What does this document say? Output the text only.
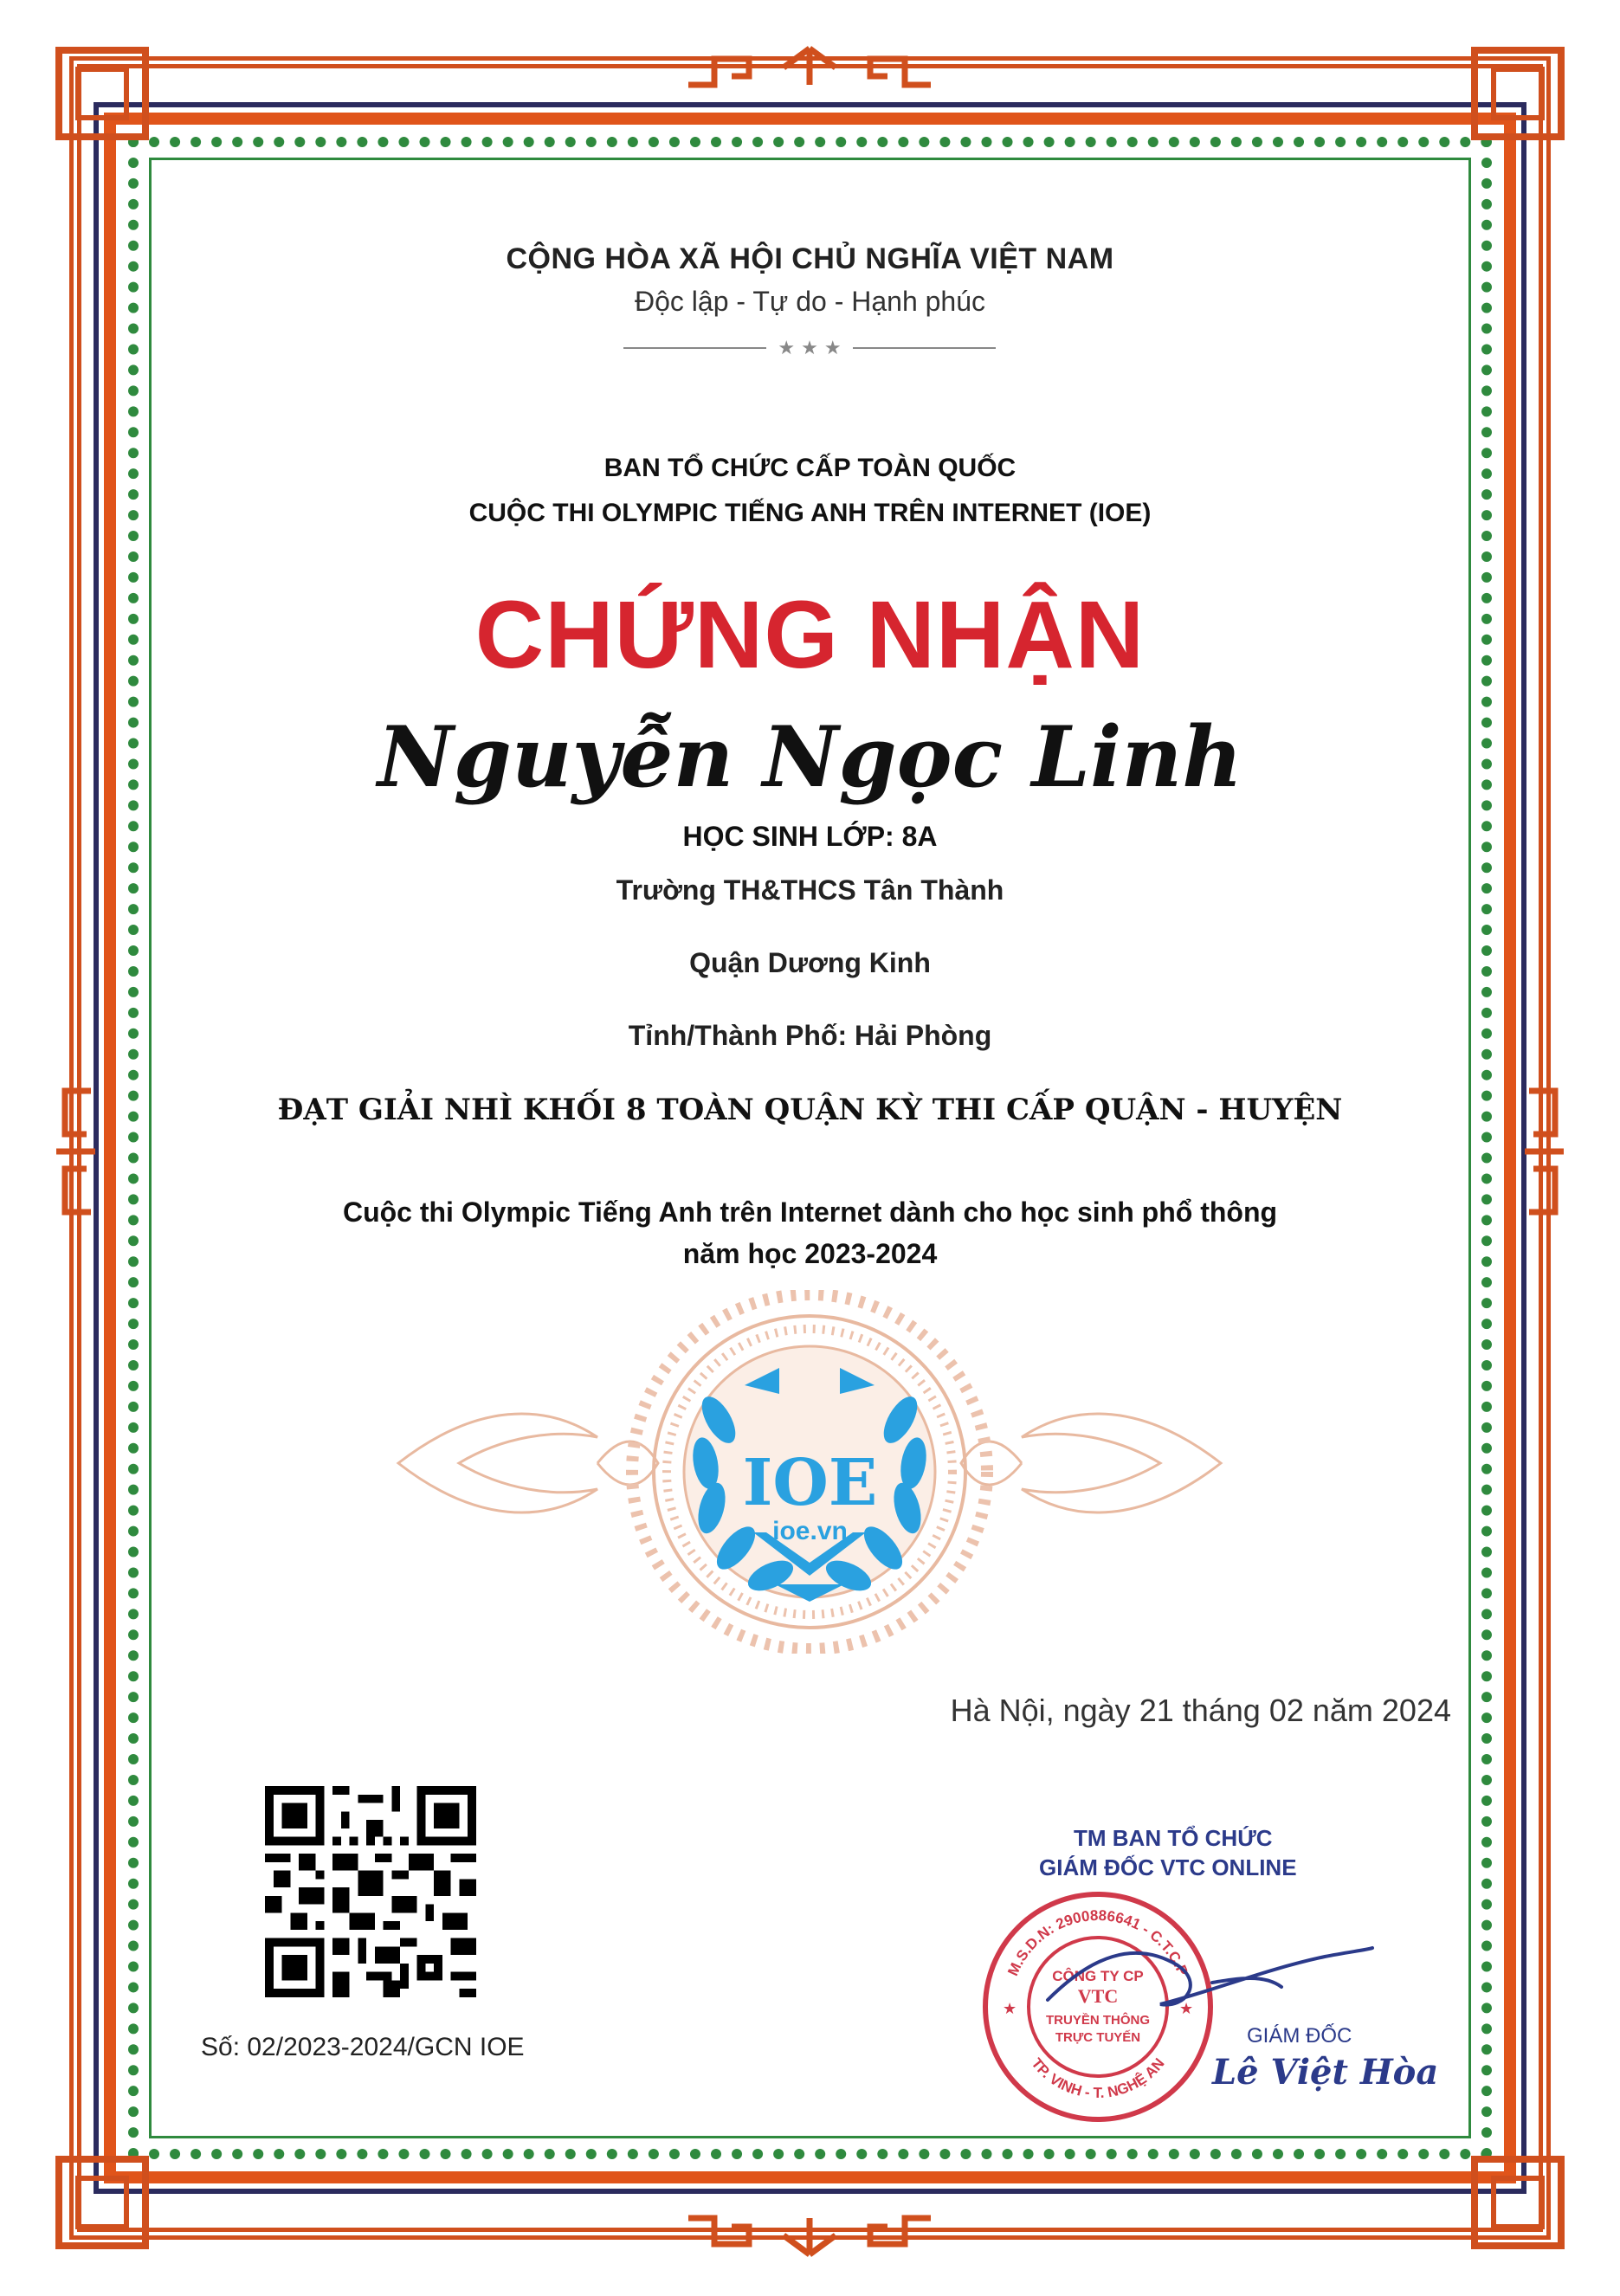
CỘNG HÒA XÃ HỘI CHỦ NGHĨA VIỆT NAM
Độc lập - Tự do - Hạnh phúc
★ ★ ★
BAN TỔ CHỨC CẤP TOÀN QUỐC
CUỘC THI OLYMPIC TIẾNG ANH TRÊN INTERNET (IOE)
CHỨNG NHẬN
Nguyễn Ngọc Linh
HỌC SINH LỚP: 8A
Trường TH&THCS Tân Thành
Quận Dương Kinh
Tỉnh/Thành Phố: Hải Phòng
ĐẠT GIẢI NHÌ KHỐI 8 TOÀN QUẬN KỲ THI CẤP QUẬN - HUYỆN
Cuộc thi Olympic Tiếng Anh trên Internet dành cho học sinh phổ thông
năm học 2023-2024
IOE
ioe.vn
Hà Nội, ngày 21 tháng 02 năm 2024
Số: 02/2023-2024/GCN IOE
TM BAN TỔ CHỨC
GIÁM ĐỐC VTC ONLINE
M.S.D.N: 2900886641 - C.T.C.P
TP. VINH - T. NGHỆ AN
CÔNG TY CP
VTC
TRUYỀN THÔNG
TRỰC TUYẾN
★	★
GIÁM ĐỐC
Lê Việt Hòa
